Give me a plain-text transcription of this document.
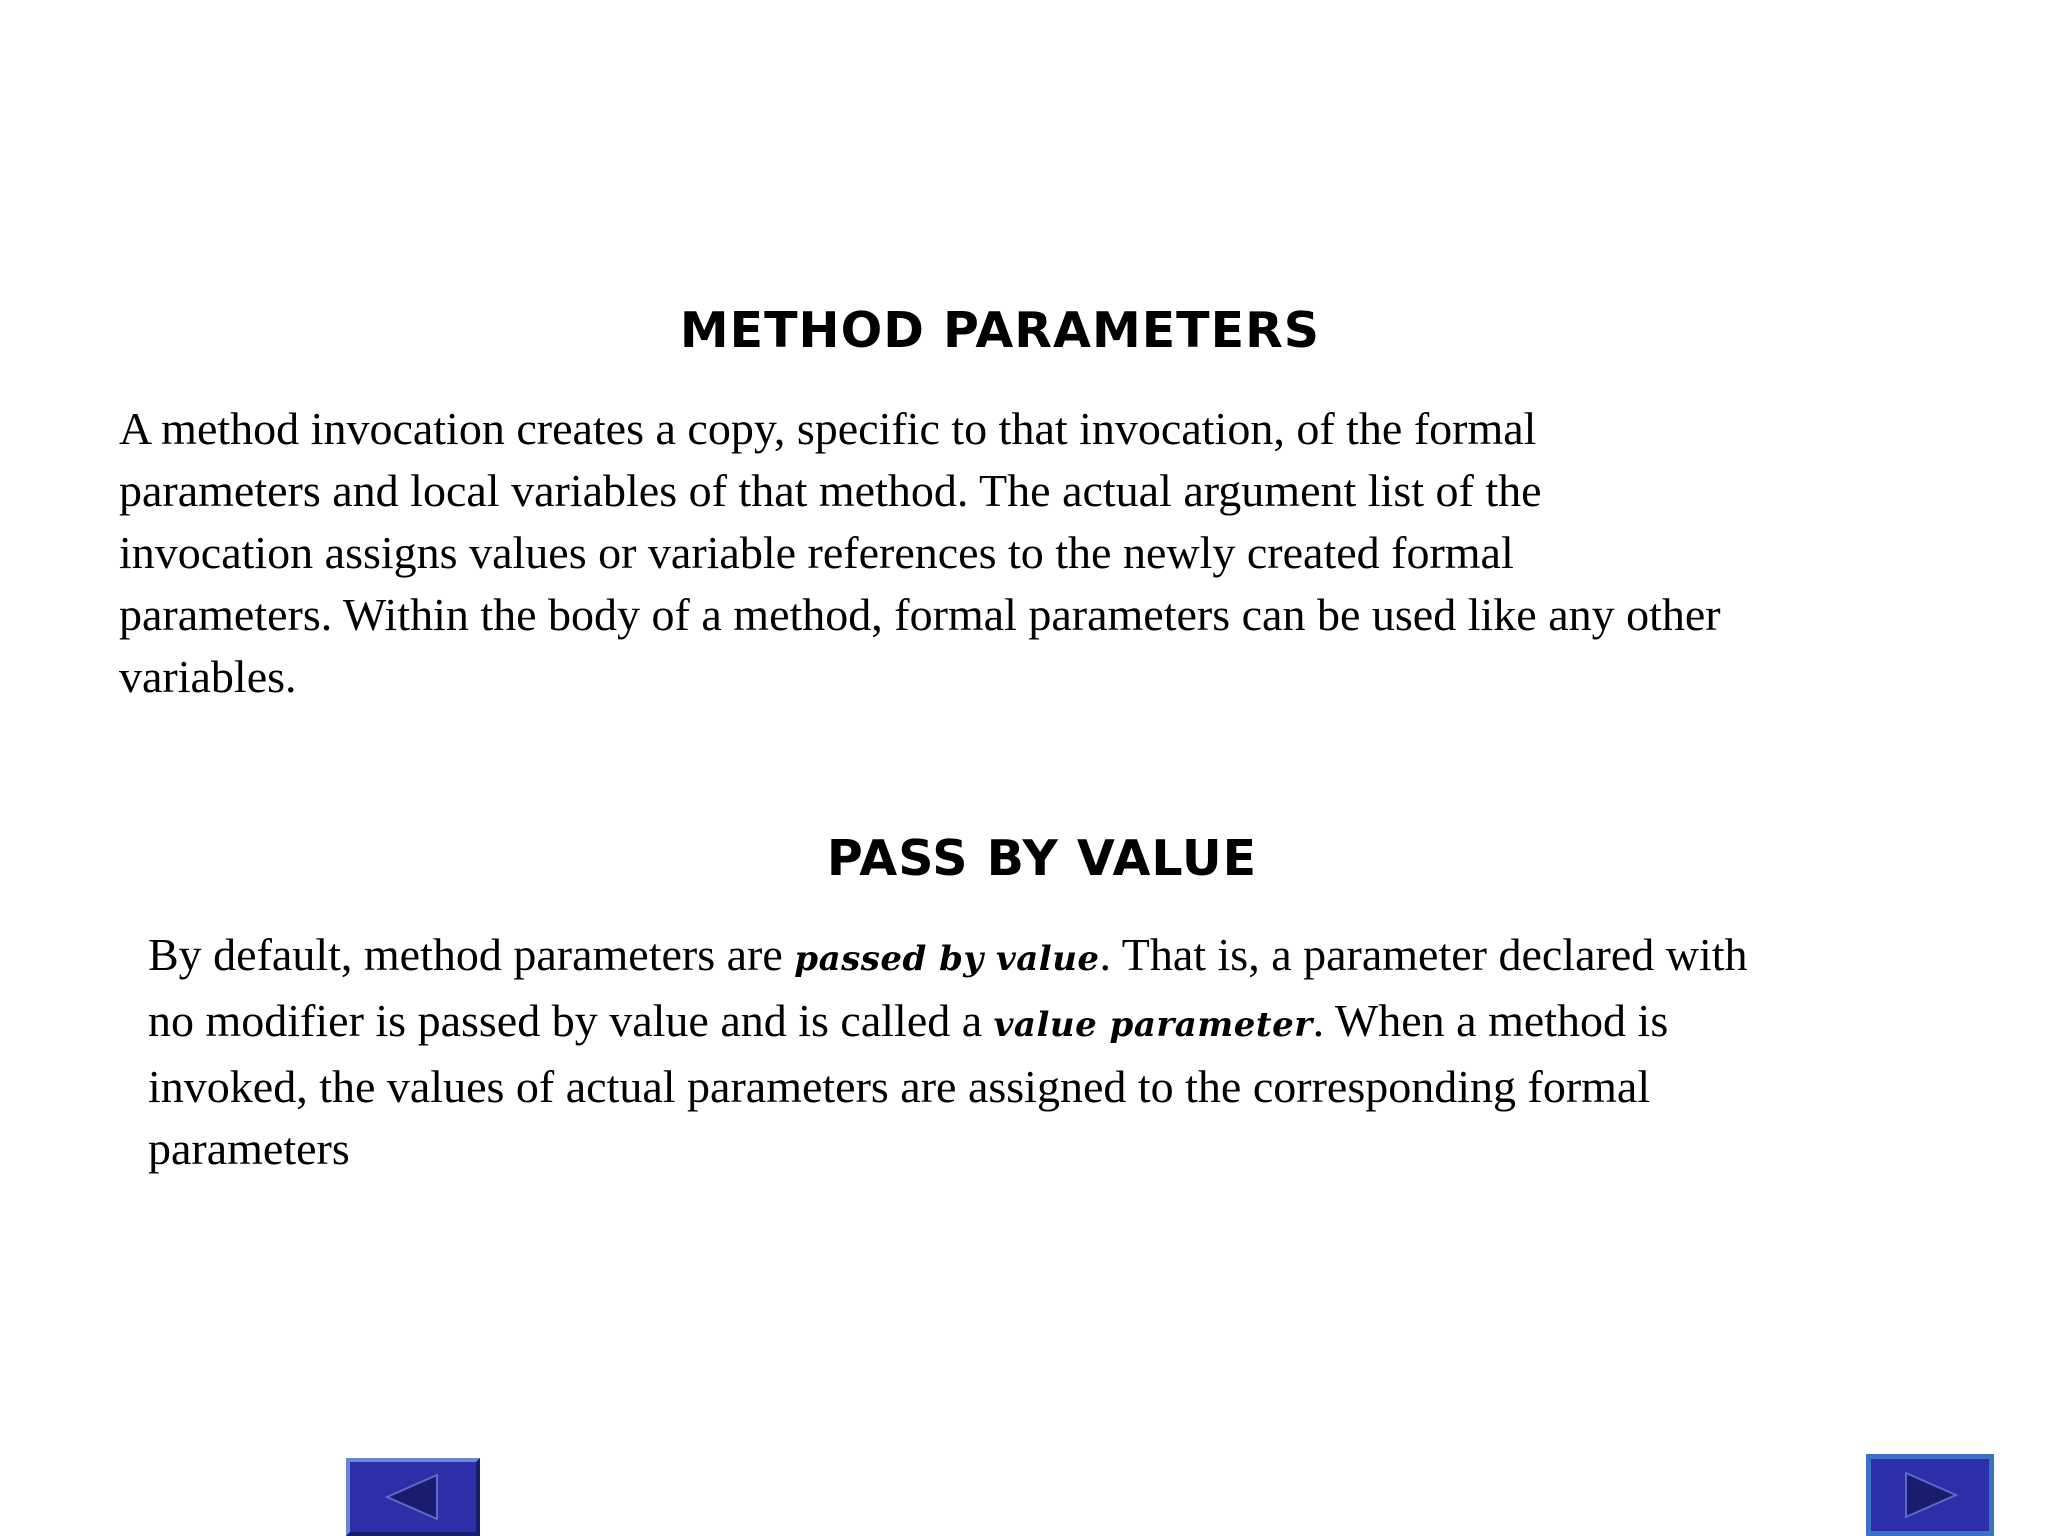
METHOD PARAMETERS
A method invocation creates a copy, specific to that invocation, of the formal
parameters and local variables of that method. The actual argument list of the
invocation assigns values or variable references to the newly created formal
parameters. Within the body of a method, formal parameters can be used like any other
variables.
PASS BY VALUE
By default, method parameters are passed by value. That is, a parameter declared with
no modifier is passed by value and is called a value parameter. When a method is
invoked, the values of actual parameters are assigned to the corresponding formal
parameters
